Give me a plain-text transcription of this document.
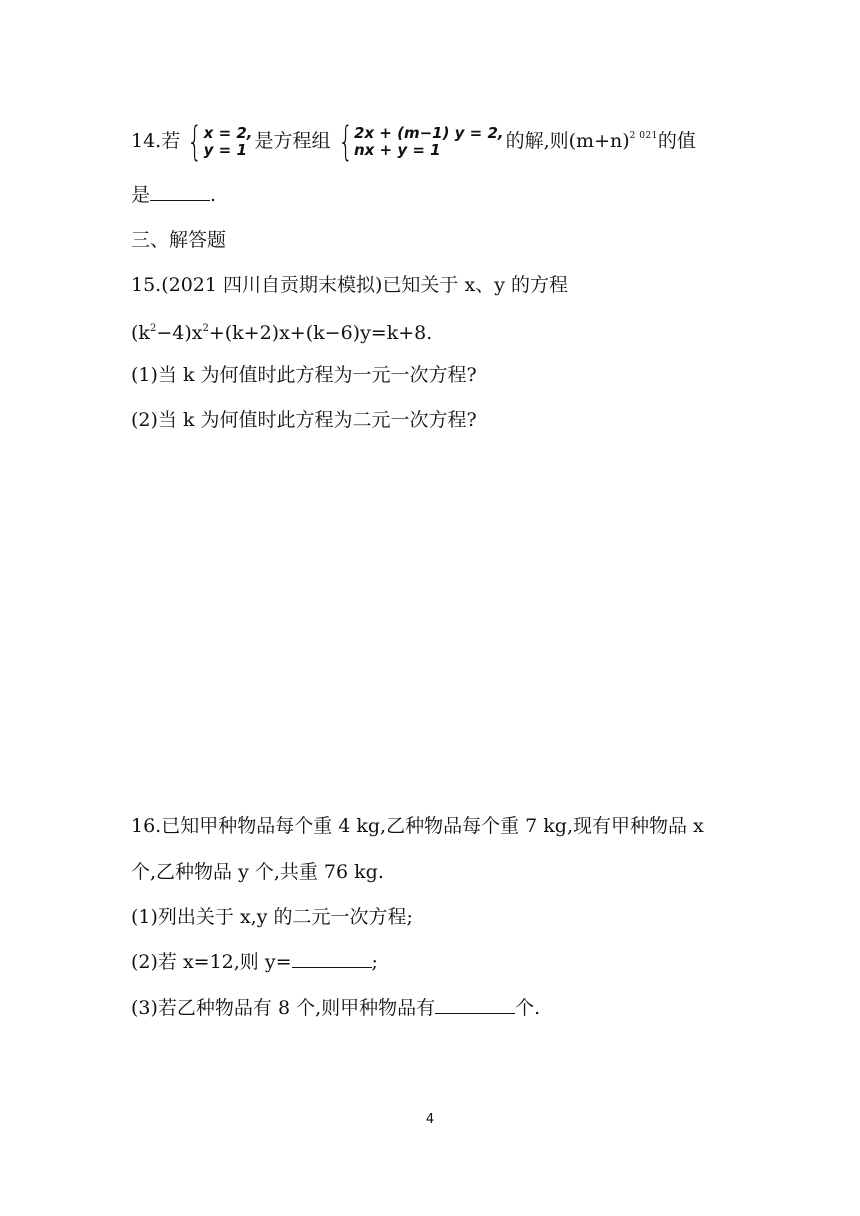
14.若 {x = 2,
y = 1 是方程组 {2x + (m−1) y = 2,
nx + y = 1	的解,则$(m+n)^{2 021}$的值
是	.
三、解答题
15.(2021 四川自贡期末模拟)已知关于 x、y 的方程
$(k^2-4)x^2+(k+2)x+(k-6)y=k+8$.
(1)当 k 为何值时此方程为一元一次方程?
(2)当 k 为何值时此方程为二元一次方程?
16.已知甲种物品每个重 4 kg,乙种物品每个重 7 kg,现有甲种物品 x
个,乙种物品 y 个,共重 76 kg.
(1)列出关于 x,y 的二元一次方程;
(2)若 x=12,则 y=	;
(3)若乙种物品有 8 个,则甲种物品有	个.
4
